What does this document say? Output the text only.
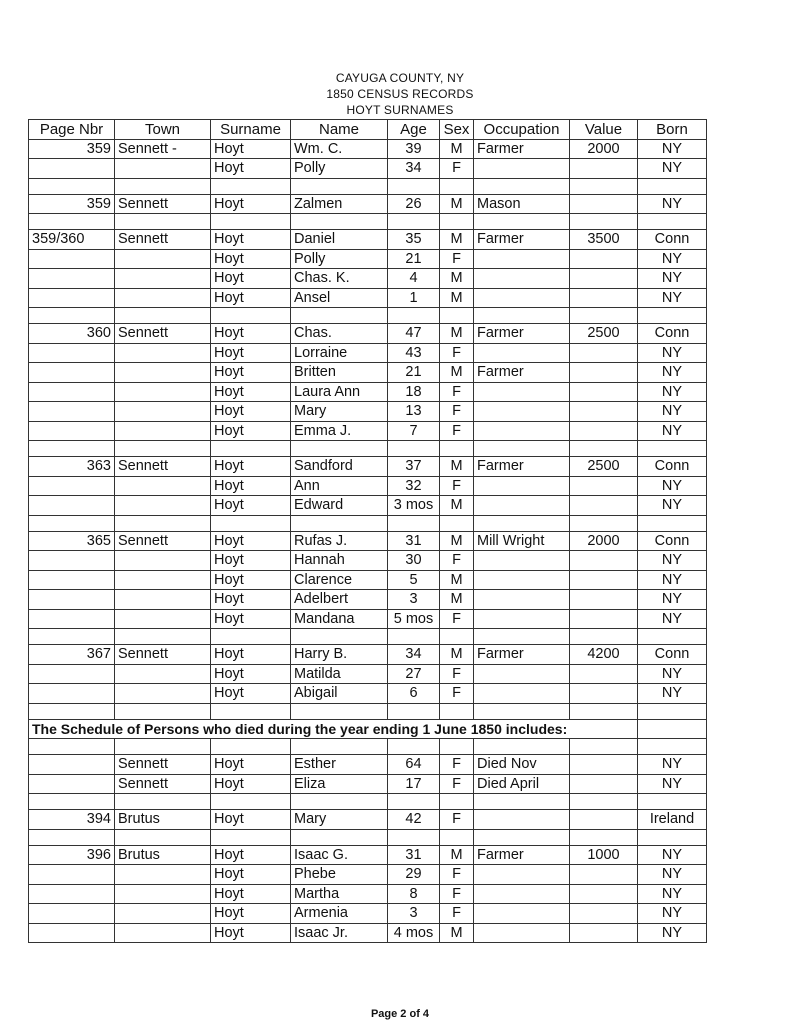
CAYUGA COUNTY, NY
1850 CENSUS RECORDS
HOYT SURNAMES
Page Nbr	Town	Surname	Name	Age	Sex	Occupation	Value	Born
359	Sennett -	Hoyt	Wm. C.	39	M	Farmer	2000	NY
		Hoyt	Polly	34	F			NY

359	Sennett	Hoyt	Zalmen	26	M	Mason		NY

359/360	Sennett	Hoyt	Daniel	35	M	Farmer	3500	Conn
		Hoyt	Polly	21	F			NY
		Hoyt	Chas. K.	4	M			NY
		Hoyt	Ansel	1	M			NY

360	Sennett	Hoyt	Chas.	47	M	Farmer	2500	Conn
		Hoyt	Lorraine	43	F			NY
		Hoyt	Britten	21	M	Farmer		NY
		Hoyt	Laura Ann	18	F			NY
		Hoyt	Mary	13	F			NY
		Hoyt	Emma J.	7	F			NY

363	Sennett	Hoyt	Sandford	37	M	Farmer	2500	Conn
		Hoyt	Ann	32	F			NY
		Hoyt	Edward	3 mos	M			NY

365	Sennett	Hoyt	Rufas J.	31	M	Mill Wright	2000	Conn
		Hoyt	Hannah	30	F			NY
		Hoyt	Clarence	5	M			NY
		Hoyt	Adelbert	3	M			NY
		Hoyt	Mandana	5 mos	F			NY

367	Sennett	Hoyt	Harry B.	34	M	Farmer	4200	Conn
		Hoyt	Matilda	27	F			NY
		Hoyt	Abigail	6	F			NY

The Schedule of Persons who died during the year ending 1 June 1850 includes:								

	Sennett	Hoyt	Esther	64	F	Died Nov		NY
	Sennett	Hoyt	Eliza	17	F	Died April		NY

394	Brutus	Hoyt	Mary	42	F			Ireland

396	Brutus	Hoyt	Isaac G.	31	M	Farmer	1000	NY
		Hoyt	Phebe	29	F			NY
		Hoyt	Martha	8	F			NY
		Hoyt	Armenia	3	F			NY
		Hoyt	Isaac Jr.	4 mos	M			NY
Page 2 of 4
